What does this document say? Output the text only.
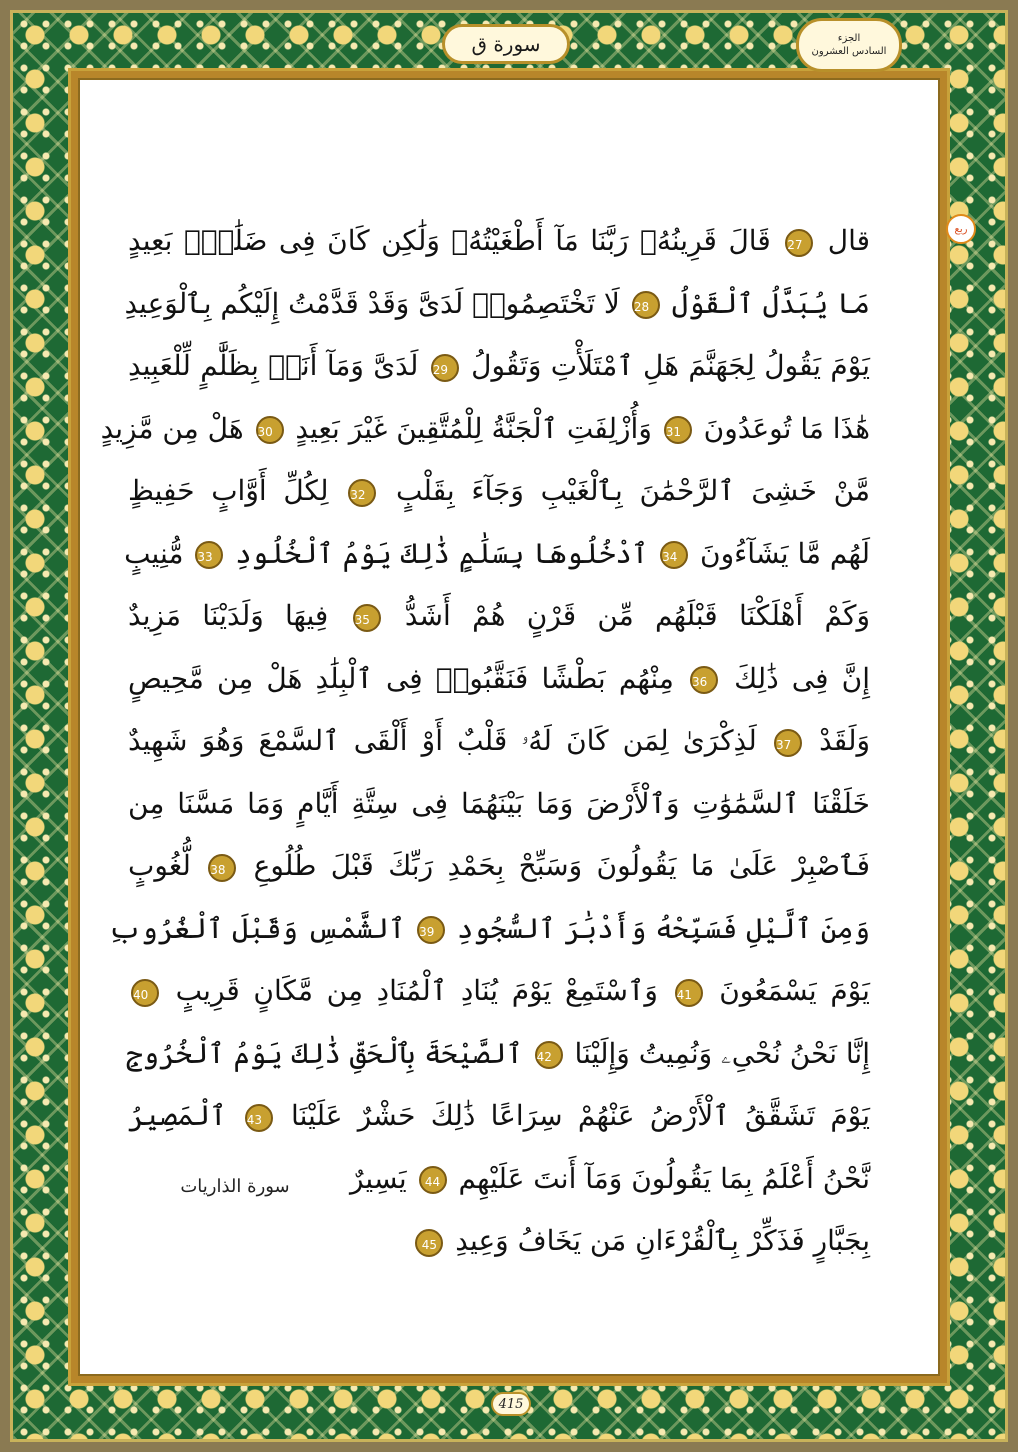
سورة ق	الجزء
السادس العشرون
ربع
قال 27 قَالَ قَرِينُهُۥ رَبَّنَا مَآ أَطْغَيْتُهُۥ وَلَٰكِن كَانَ فِى ضَلَٰلٍۭ بَعِيدٍ
مَا يُبَدَّلُ ٱلْقَوْلُ 28 لَا تَخْتَصِمُوا۟ لَدَىَّ وَقَدْ قَدَّمْتُ إِلَيْكُم بِٱلْوَعِيدِ
يَوْمَ يَقُولُ لِجَهَنَّمَ هَلِ ٱمْتَلَأْتِ وَتَقُولُ 29 لَدَىَّ وَمَآ أَنَا۠ بِظَلَّٰمٍ لِّلْعَبِيدِ
هَٰذَا مَا تُوعَدُونَ 31 وَأُزْلِفَتِ ٱلْجَنَّةُ لِلْمُتَّقِينَ غَيْرَ بَعِيدٍ 30 هَلْ مِن مَّزِيدٍ
مَّنْ خَشِىَ ٱلرَّحْمَٰنَ بِٱلْغَيْبِ وَجَآءَ بِقَلْبٍ 32 لِكُلِّ أَوَّابٍ حَفِيظٍ
لَهُم مَّا يَشَآءُونَ 34 ٱدْخُلُوهَا بِسَلَٰمٍ ذَٰلِكَ يَوْمُ ٱلْخُلُودِ 33 مُّنِيبٍ
وَكَمْ أَهْلَكْنَا قَبْلَهُم مِّن قَرْنٍ هُمْ أَشَدُّ 35 فِيهَا وَلَدَيْنَا مَزِيدٌ
إِنَّ فِى ذَٰلِكَ 36 مِنْهُم بَطْشًا فَنَقَّبُوا۟ فِى ٱلْبِلَٰدِ هَلْ مِن مَّحِيصٍ
وَلَقَدْ 37 لَذِكْرَىٰ لِمَن كَانَ لَهُۥ قَلْبٌ أَوْ أَلْقَى ٱلسَّمْعَ وَهُوَ شَهِيدٌ
خَلَقْنَا ٱلسَّمَٰوَٰتِ وَٱلْأَرْضَ وَمَا بَيْنَهُمَا فِى سِتَّةِ أَيَّامٍ وَمَا مَسَّنَا مِن
فَٱصْبِرْ عَلَىٰ مَا يَقُولُونَ وَسَبِّحْ بِحَمْدِ رَبِّكَ قَبْلَ طُلُوعِ 38 لُّغُوبٍ
وَمِنَ ٱلَّيْلِ فَسَبِّحْهُ وَأَدْبَٰرَ ٱلسُّجُودِ 39 ٱلشَّمْسِ وَقَبْلَ ٱلْغُرُوبِ
يَوْمَ يَسْمَعُونَ 41 وَٱسْتَمِعْ يَوْمَ يُنَادِ ٱلْمُنَادِ مِن مَّكَانٍ قَرِيبٍ 40
إِنَّا نَحْنُ نُحْىِۦ وَنُمِيتُ وَإِلَيْنَا 42 ٱلصَّيْحَةَ بِٱلْحَقِّ ذَٰلِكَ يَوْمُ ٱلْخُرُوجِ
يَوْمَ تَشَقَّقُ ٱلْأَرْضُ عَنْهُمْ سِرَاعًا ذَٰلِكَ حَشْرٌ عَلَيْنَا 43 ٱلْمَصِيرُ
نَّحْنُ أَعْلَمُ بِمَا يَقُولُونَ وَمَآ أَنتَ عَلَيْهِم 44 يَسِيرٌ
بِجَبَّارٍ فَذَكِّرْ بِٱلْقُرْءَانِ مَن يَخَافُ وَعِيدِ 45
سورة الذاريات
415
